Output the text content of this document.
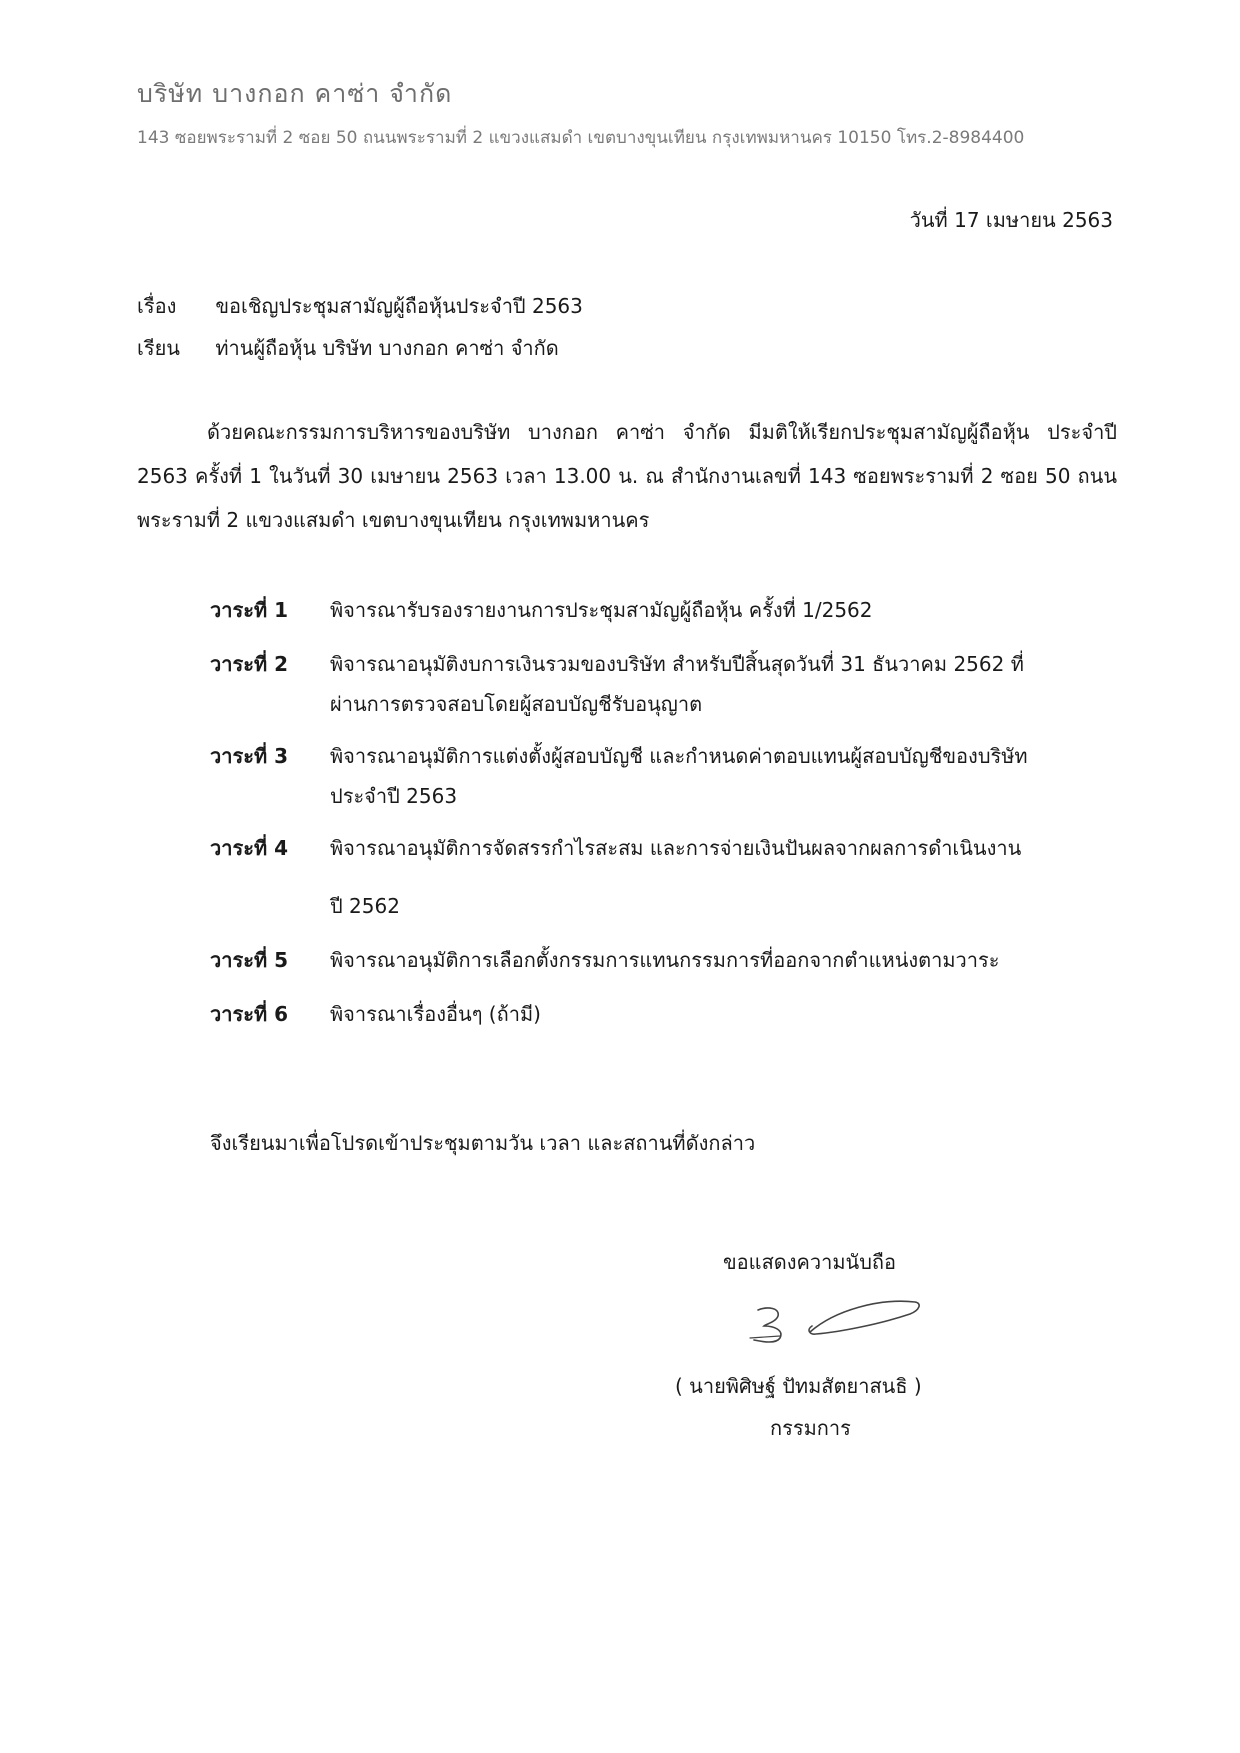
บริษัท บางกอก คาซ่า จำกัด
143 ซอยพระรามที่ 2 ซอย 50 ถนนพระรามที่ 2 แขวงแสมดำ เขตบางขุนเทียน กรุงเทพมหานคร 10150 โทร.2-8984400
วันที่ 17 เมษายน 2563
เรื่อง ขอเชิญประชุมสามัญผู้ถือหุ้นประจำปี 2563
เรียน ท่านผู้ถือหุ้น บริษัท บางกอก คาซ่า จำกัด
ด้วยคณะกรรมการบริหารของบริษัท บางกอก คาซ่า จำกัด มีมติให้เรียกประชุมสามัญผู้ถือหุ้น ประจำปี 2563 ครั้งที่ 1 ในวันที่ 30 เมษายน 2563 เวลา 13.00 น. ณ สำนักงานเลขที่ 143 ซอยพระรามที่ 2 ซอย 50 ถนนพระรามที่ 2 แขวงแสมดำ เขตบางขุนเทียน กรุงเทพมหานคร
วาระที่ 1	พิจารณารับรองรายงานการประชุมสามัญผู้ถือหุ้น ครั้งที่ 1/2562

วาระที่ 2	พิจารณาอนุมัติงบการเงินรวมของบริษัท สำหรับปีสิ้นสุดวันที่ 31 ธันวาคม 2562 ที่

ผ่านการตรวจสอบโดยผู้สอบบัญชีรับอนุญาต

วาระที่ 3	พิจารณาอนุมัติการแต่งตั้งผู้สอบบัญชี และกำหนดค่าตอบแทนผู้สอบบัญชีของบริษัท

ประจำปี 2563

วาระที่ 4	พิจารณาอนุมัติการจัดสรรกำไรสะสม และการจ่ายเงินปันผลจากผลการดำเนินงาน

ปี 2562

วาระที่ 5	พิจารณาอนุมัติการเลือกตั้งกรรมการแทนกรรมการที่ออกจากตำแหน่งตามวาระ

วาระที่ 6	พิจารณาเรื่องอื่นๆ (ถ้ามี)

จึงเรียนมาเพื่อโปรดเข้าประชุมตามวัน เวลา และสถานที่ดังกล่าว
ขอแสดงความนับถือ
( นายพิศิษฐ์ ปัทมสัตยาสนธิ )
กรรมการ
